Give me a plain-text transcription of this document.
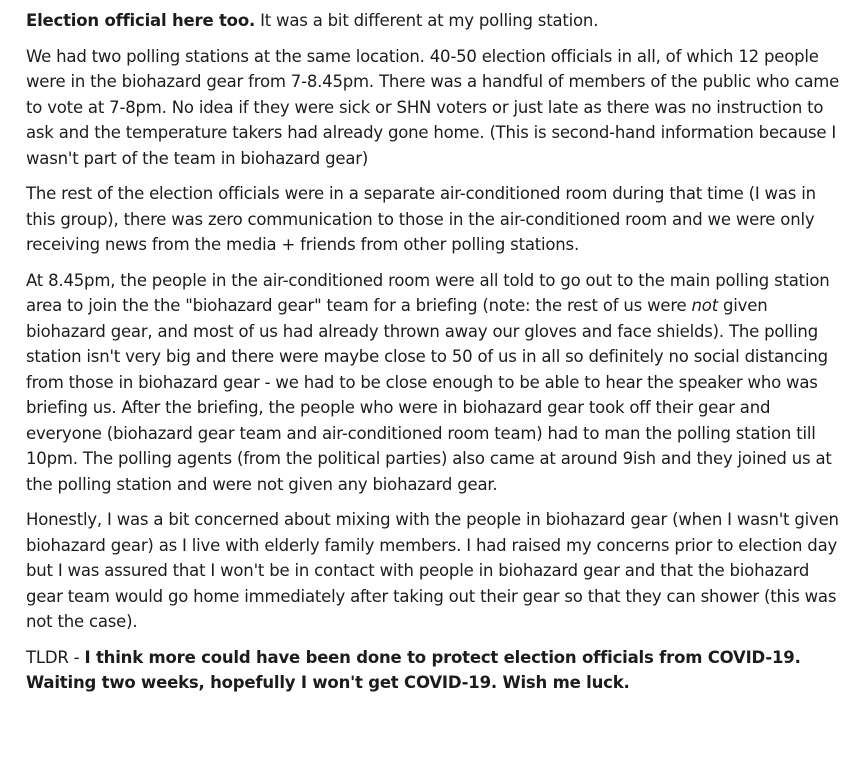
Election official here too. It was a bit different at my polling station.

We had two polling stations at the same location. 40-50 election officials in all, of which 12 people were in the biohazard gear from 7-8.45pm. There was a handful of members of the public who came to vote at 7-8pm. No idea if they were sick or SHN voters or just late as there was no instruction to ask and the temperature takers had already gone home. (This is second-hand information because I wasn't part of the team in biohazard gear)

The rest of the election officials were in a separate air-conditioned room during that time (I was in this group), there was zero communication to those in the air-conditioned room and we were only receiving news from the media + friends from other polling stations.

At 8.45pm, the people in the air-conditioned room were all told to go out to the main polling station area to join the the "biohazard gear" team for a briefing (note: the rest of us were not given biohazard gear, and most of us had already thrown away our gloves and face shields). The polling station isn't very big and there were maybe close to 50 of us in all so definitely no social distancing from those in biohazard gear - we had to be close enough to be able to hear the speaker who was briefing us. After the briefing, the people who were in biohazard gear took off their gear and everyone (biohazard gear team and air-conditioned room team) had to man the polling station till 10pm. The polling agents (from the political parties) also came at around 9ish and they joined us at the polling station and were not given any biohazard gear.

Honestly, I was a bit concerned about mixing with the people in biohazard gear (when I wasn't given biohazard gear) as I live with elderly family members. I had raised my concerns prior to election day but I was assured that I won't be in contact with people in biohazard gear and that the biohazard gear team would go home immediately after taking out their gear so that they can shower (this was not the case).

TLDR - I think more could have been done to protect election officials from COVID-19. Waiting two weeks, hopefully I won't get COVID-19. Wish me luck.
